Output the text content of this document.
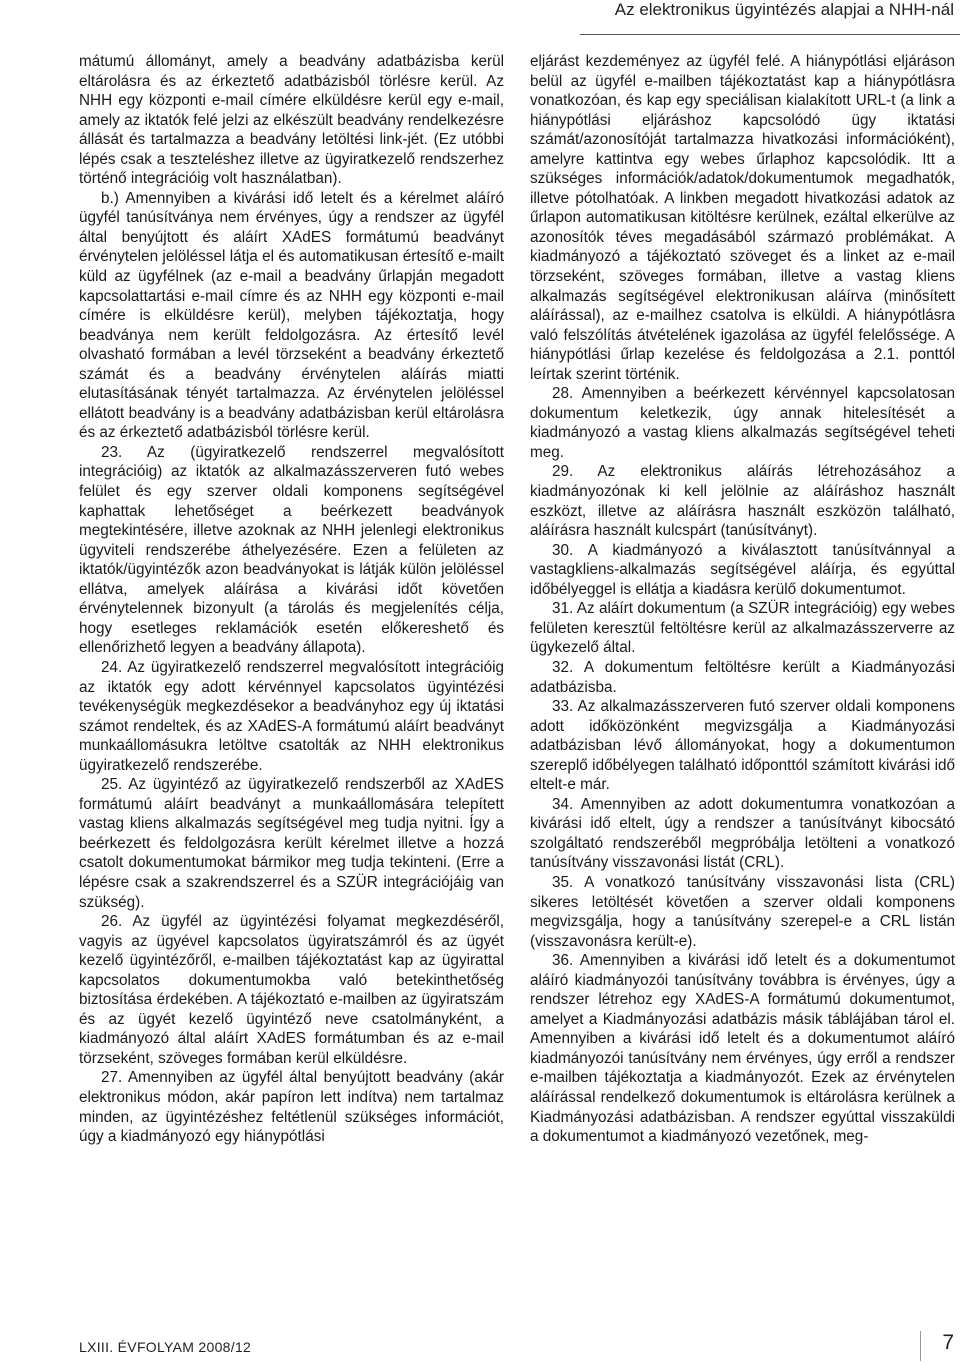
Az elektronikus ügyintézés alapjai a NHH-nál

mátumú állományt, amely a beadvány adatbázisba kerül eltárolásra és az érkeztető adatbázisból törlésre kerül. Az NHH egy központi e-mail címére elküldésre kerül egy e-mail, amely az iktatók felé jelzi az elkészült beadvány rendelkezésre állását és tartalmazza a beadvány letöltési link-jét. (Ez utóbbi lépés csak a teszteléshez illetve az ügyiratkezelő rendszerhez történő integrációig volt használatban).

b.) Amennyiben a kivárási idő letelt és a kérelmet aláíró ügyfél tanúsítványa nem érvényes, úgy a rendszer az ügyfél által benyújtott és aláírt XAdES formátumú beadványt érvénytelen jelöléssel látja el és automatikusan értesítő e-mailt küld az ügyfélnek (az e-mail a beadvány űrlapján megadott kapcsolattartási e-mail címre és az NHH egy központi e-mail címére is elküldésre kerül), melyben tájékoztatja, hogy beadványa nem került feldolgozásra. Az értesítő levél olvasható formában a levél törzseként a beadvány érkeztető számát és a beadvány érvénytelen aláírás miatti elutasításának tényét tartalmazza. Az érvénytelen jelöléssel ellátott beadvány is a beadvány adatbázisban kerül eltárolásra és az érkeztető adatbázisból törlésre kerül.

23. Az (ügyiratkezelő rendszerrel megvalósított integrációig) az iktatók az alkalmazásszerveren futó webes felület és egy szerver oldali komponens segítségével kaphattak lehetőséget a beérkezett beadványok megtekintésére, illetve azoknak az NHH jelenlegi elektronikus ügyviteli rendszerébe áthelyezésére. Ezen a felületen az iktatók/ügyintézők azon beadványokat is látják külön jelöléssel ellátva, amelyek aláírása a kivárási időt követően érvénytelennek bizonyult (a tárolás és megjelenítés célja, hogy esetleges reklamációk esetén előkereshető és ellenőrizhető legyen a beadvány állapota).

24. Az ügyiratkezelő rendszerrel megvalósított integrációig az iktatók egy adott kérvénnyel kapcsolatos ügyintézési tevékenységük megkezdésekor a beadványhoz egy új iktatási számot rendeltek, és az XAdES-A formátumú aláírt beadványt munkaállomásukra letöltve csatolták az NHH elektronikus ügyiratkezelő rendszerébe.

25. Az ügyintéző az ügyiratkezelő rendszerből az XAdES formátumú aláírt beadványt a munkaállomására telepített vastag kliens alkalmazás segítségével meg tudja nyitni. Így a beérkezett és feldolgozásra került kérelmet illetve a hozzá csatolt dokumentumokat bármikor meg tudja tekinteni. (Erre a lépésre csak a szakrendszerrel és a SZÜR integrációjáig van szükség).

26. Az ügyfél az ügyintézési folyamat megkezdéséről, vagyis az ügyével kapcsolatos ügyiratszámról és az ügyét kezelő ügyintézőről, e-mailben tájékoztatást kap az ügyirattal kapcsolatos dokumentumokba való betekinthetőség biztosítása érdekében. A tájékoztató e-mailben az ügyiratszám és az ügyét kezelő ügyintéző neve csatolmányként, a kiadmányozó által aláírt XAdES formátumban és az e-mail törzseként, szöveges formában kerül elküldésre.

27. Amennyiben az ügyfél által benyújtott beadvány (akár elektronikus módon, akár papíron lett indítva) nem tartalmaz minden, az ügyintézéshez feltétlenül szükséges információt, úgy a kiadmányozó egy hiánypótlási

eljárást kezdeményez az ügyfél felé. A hiánypótlási eljáráson belül az ügyfél e-mailben tájékoztatást kap a hiánypótlásra vonatkozóan, és kap egy speciálisan kialakított URL-t (a link a hiánypótlási eljáráshoz kapcsolódó ügy iktatási számát/azonosítóját tartalmazza hivatkozási információként), amelyre kattintva egy webes űrlaphoz kapcsolódik. Itt a szükséges információk/adatok/dokumentumok megadhatók, illetve pótolhatóak. A linkben megadott hivatkozási adatok az űrlapon automatikusan kitöltésre kerülnek, ezáltal elkerülve az azonosítók téves megadásából származó problémákat. A kiadmányozó a tájékoztató szöveget és a linket az e-mail törzseként, szöveges formában, illetve a vastag kliens alkalmazás segítségével elektronikusan aláírva (minősített aláírással), az e-mailhez csatolva is elküldi. A hiánypótlásra való felszólítás átvételének igazolása az ügyfél felelőssége. A hiánypótlási űrlap kezelése és feldolgozása a 2.1. ponttól leírtak szerint történik.

28. Amennyiben a beérkezett kérvénnyel kapcsolatosan dokumentum keletkezik, úgy annak hitelesítését a kiadmányozó a vastag kliens alkalmazás segítségével teheti meg.

29. Az elektronikus aláírás létrehozásához a kiadmányozónak ki kell jelölnie az aláíráshoz használt eszközt, illetve az aláírásra használt eszközön található, aláírásra használt kulcspárt (tanúsítványt).

30. A kiadmányozó a kiválasztott tanúsítvánnyal a vastagkliens-alkalmazás segítségével aláírja, és egyúttal időbélyeggel is ellátja a kiadásra kerülő dokumentumot.

31. Az aláírt dokumentum (a SZÜR integrációig) egy webes felületen keresztül feltöltésre kerül az alkalmazásszerverre az ügykezelő által.

32. A dokumentum feltöltésre került a Kiadmányozási adatbázisba.

33. Az alkalmazásszerveren futó szerver oldali komponens adott időközönként megvizsgálja a Kiadmányozási adatbázisban lévő állományokat, hogy a dokumentumon szereplő időbélyegen található időponttól számított kivárási idő eltelt-e már.

34. Amennyiben az adott dokumentumra vonatkozóan a kivárási idő eltelt, úgy a rendszer a tanúsítványt kibocsátó szolgáltató rendszeréből megpróbálja letölteni a vonatkozó tanúsítvány visszavonási listát (CRL).

35. A vonatkozó tanúsítvány visszavonási lista (CRL) sikeres letöltését követően a szerver oldali komponens megvizsgálja, hogy a tanúsítvány szerepel-e a CRL listán (visszavonásra került-e).

36. Amennyiben a kivárási idő letelt és a dokumentumot aláíró kiadmányozói tanúsítvány továbbra is érvényes, úgy a rendszer létrehoz egy XAdES-A formátumú dokumentumot, amelyet a Kiadmányozási adatbázis másik táblájában tárol el. Amennyiben a kivárási idő letelt és a dokumentumot aláíró kiadmányozói tanúsítvány nem érvényes, úgy erről a rendszer e-mailben tájékoztatja a kiadmányozót. Ezek az érvénytelen aláírással rendelkező dokumentumok is eltárolásra kerülnek a Kiadmányozási adatbázisban. A rendszer egyúttal visszaküldi a dokumentumot a kiadmányozó vezetőnek, meg-

LXIII. ÉVFOLYAM 2008/12	7
